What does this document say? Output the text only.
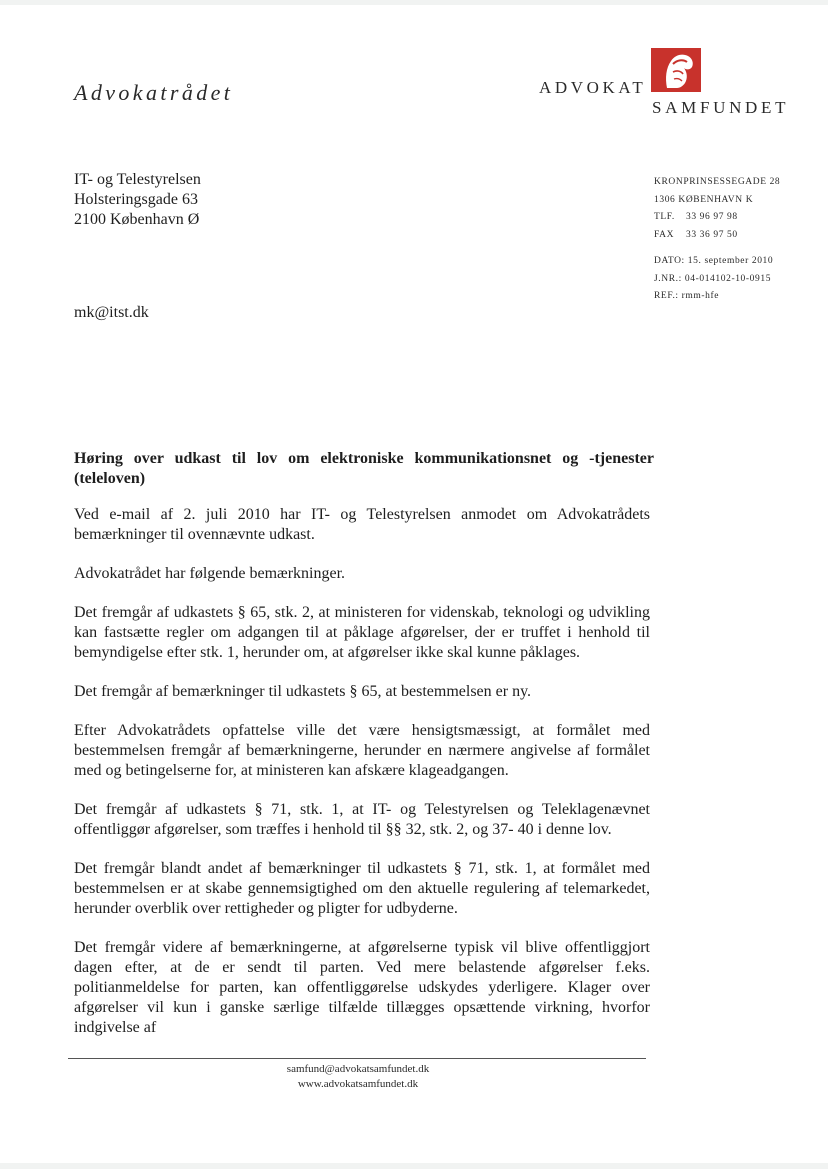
Advokatrådet	ADVOKAT
SAMFUNDET
IT- og Telestyrelsen
Holsteringsgade 63
2100 København Ø
mk@itst.dk
KRONPRINSESSEGADE 28
1306 KØBENHAVN K
TLF. 33 96 97 98
FAX 33 36 97 50
DATO: 15. september 2010
J.NR.: 04-014102-10-0915
REF.: rmm-hfe
Høring over udkast til lov om elektroniske kommunikationsnet og -tjenester (teleloven)

Ved e-mail af 2. juli 2010 har IT- og Telestyrelsen anmodet om Advokatrådets bemærkninger til ovennævnte udkast.

Advokatrådet har følgende bemærkninger.

Det fremgår af udkastets § 65, stk. 2, at ministeren for videnskab, teknologi og udvikling kan fastsætte regler om adgangen til at påklage afgørelser, der er truffet i henhold til bemyndigelse efter stk. 1, herunder om, at afgørelser ikke skal kunne påklages.

Det fremgår af bemærkninger til udkastets § 65, at bestemmelsen er ny.

Efter Advokatrådets opfattelse ville det være hensigtsmæssigt, at formålet med bestemmelsen fremgår af bemærkningerne, herunder en nærmere angivelse af formålet med og betingelserne for, at ministeren kan afskære klageadgangen.

Det fremgår af udkastets § 71, stk. 1, at IT- og Telestyrelsen og Teleklagenævnet offentliggør afgørelser, som træffes i henhold til §§ 32, stk. 2, og 37- 40 i denne lov.

Det fremgår blandt andet af bemærkninger til udkastets § 71, stk. 1, at formålet med bestemmelsen er at skabe gennemsigtighed om den aktuelle regulering af telemarkedet, herunder overblik over rettigheder og pligter for udbyderne.

Det fremgår videre af bemærkningerne, at afgørelserne typisk vil blive offentliggjort dagen efter, at de er sendt til parten. Ved mere belastende afgørelser f.eks. politianmeldelse for parten, kan offentliggørelse udskydes yderligere. Klager over afgørelser vil kun i ganske særlige tilfælde tillægges opsættende virkning, hvorfor indgivelse af

samfund@advokatsamfundet.dk
www.advokatsamfundet.dk
